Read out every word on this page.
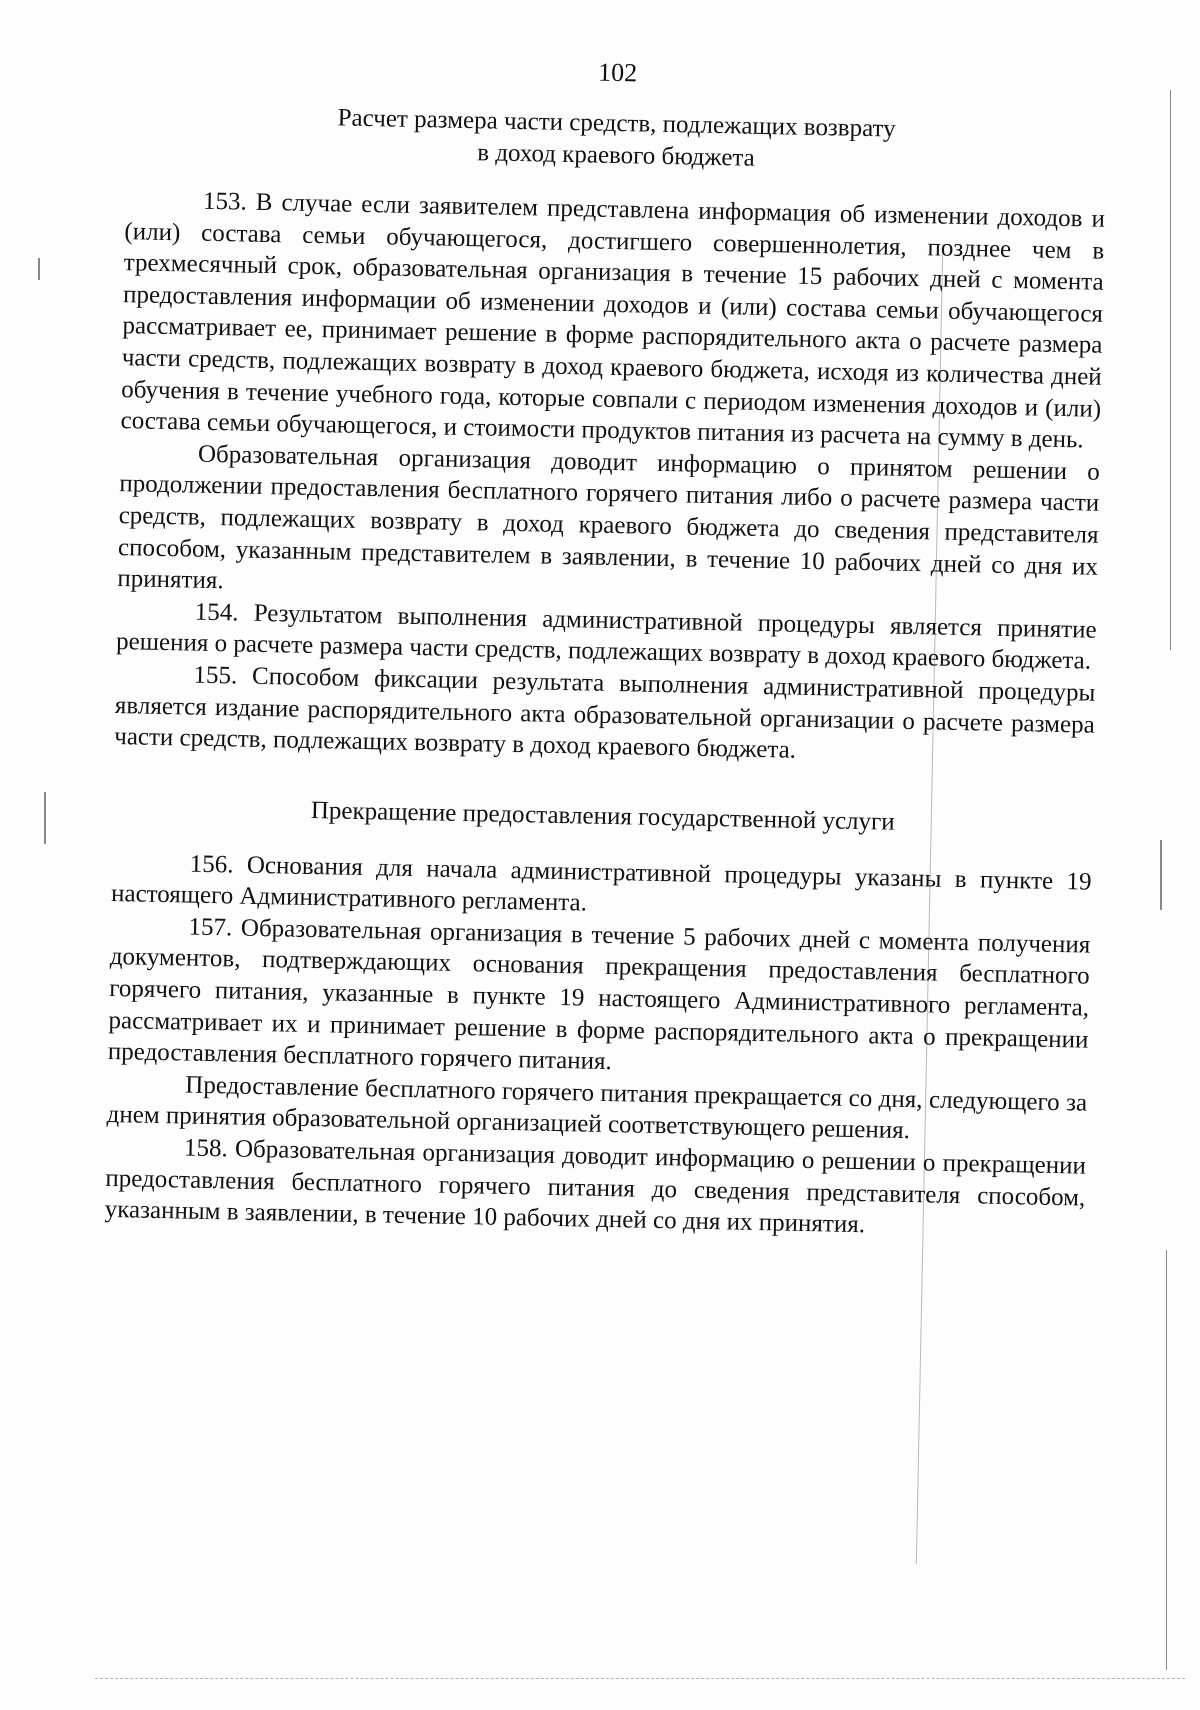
102

Расчет размера части средств, подлежащих возврату

в доход краевого бюджета

153. В случае если заявителем представлена информация об изменении доходов и (или) состава семьи обучающегося, достигшего совершеннолетия, позднее чем в трехмесячный срок, образовательная организация в течение 15 рабочих дней с момента предоставления информации об изменении доходов и (или) состава семьи обучающегося рассматривает ее, принимает решение в форме распорядительного акта о расчете размера части средств, подлежащих возврату в доход краевого бюджета, исходя из количества дней обучения в течение учебного года, которые совпали с периодом изменения доходов и (или) состава семьи обучающегося, и стоимости продуктов питания из расчета на сумму в день.

Образовательная организация доводит информацию о принятом решении о продолжении предоставления бесплатного горячего питания либо о расчете размера части средств, подлежащих возврату в доход краевого бюджета до сведения представителя способом, указанным представителем в заявлении, в течение 10 рабочих дней со дня их принятия.

154. Результатом выполнения административной процедуры является принятие решения о расчете размера части средств, подлежащих возврату в доход краевого бюджета.

155. Способом фиксации результата выполнения административной процедуры является издание распорядительного акта образовательной организации о расчете размера части средств, подлежащих возврату в доход краевого бюджета.

Прекращение предоставления государственной услуги

156. Основания для начала административной процедуры указаны в пункте 19 настоящего Административного регламента.

157. Образовательная организация в течение 5 рабочих дней с момента получения документов, подтверждающих основания прекращения предоставления бесплатного горячего питания, указанные в пункте 19 настоящего Административного регламента, рассматривает их и принимает решение в форме распорядительного акта о прекращении предоставления бесплатного горячего питания.

Предоставление бесплатного горячего питания прекращается со дня, следующего за днем принятия образовательной организацией соответствующего решения.

158. Образовательная организация доводит информацию о решении о прекращении предоставления бесплатного горячего питания до сведения представителя способом, указанным в заявлении, в течение 10 рабочих дней со дня их принятия.
